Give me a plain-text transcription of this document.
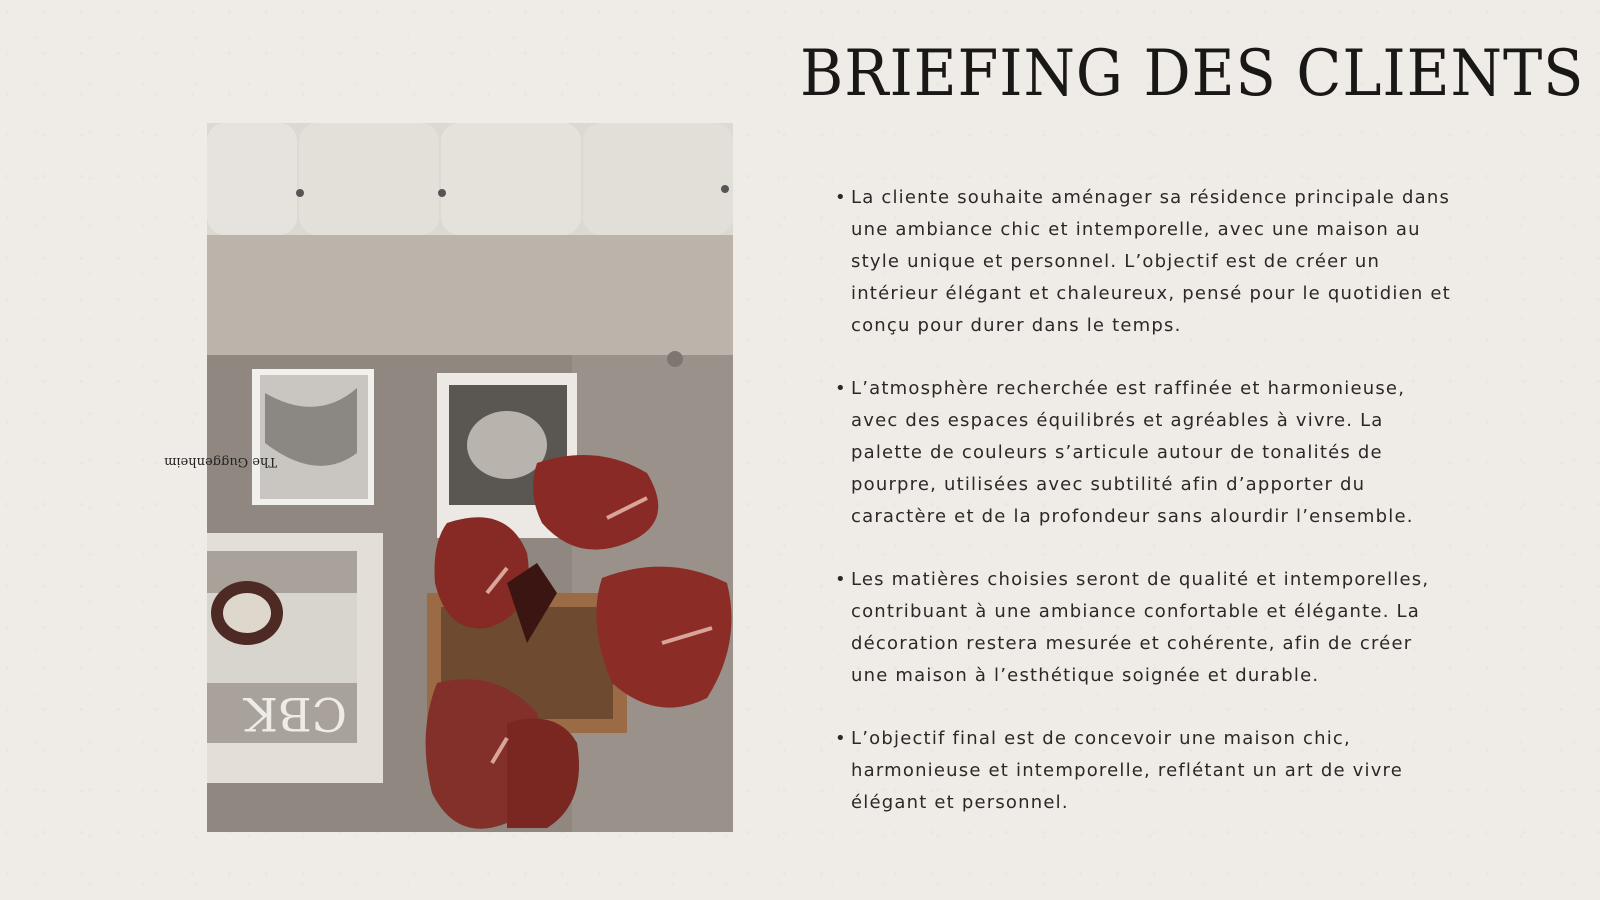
BRIEFING DES CLIENTS
The Guggenheim
CBK
• La cliente souhaite aménager sa résidence principale dans une ambiance chic et intemporelle, avec une maison au style unique et personnel. L’objectif est de créer un intérieur élégant et chaleureux, pensé pour le quotidien et conçu pour durer dans le temps.
• L’atmosphère recherchée est raffinée et harmonieuse, avec des espaces équilibrés et agréables à vivre. La palette de couleurs s’articule autour de tonalités de pourpre, utilisées avec subtilité afin d’apporter du caractère et de la profondeur sans alourdir l’ensemble.
• Les matières choisies seront de qualité et intemporelles, contribuant à une ambiance confortable et élégante. La décoration restera mesurée et cohérente, afin de créer une maison à l’esthétique soignée et durable.
• L’objectif final est de concevoir une maison chic, harmonieuse et intemporelle, reflétant un art de vivre élégant et personnel.
